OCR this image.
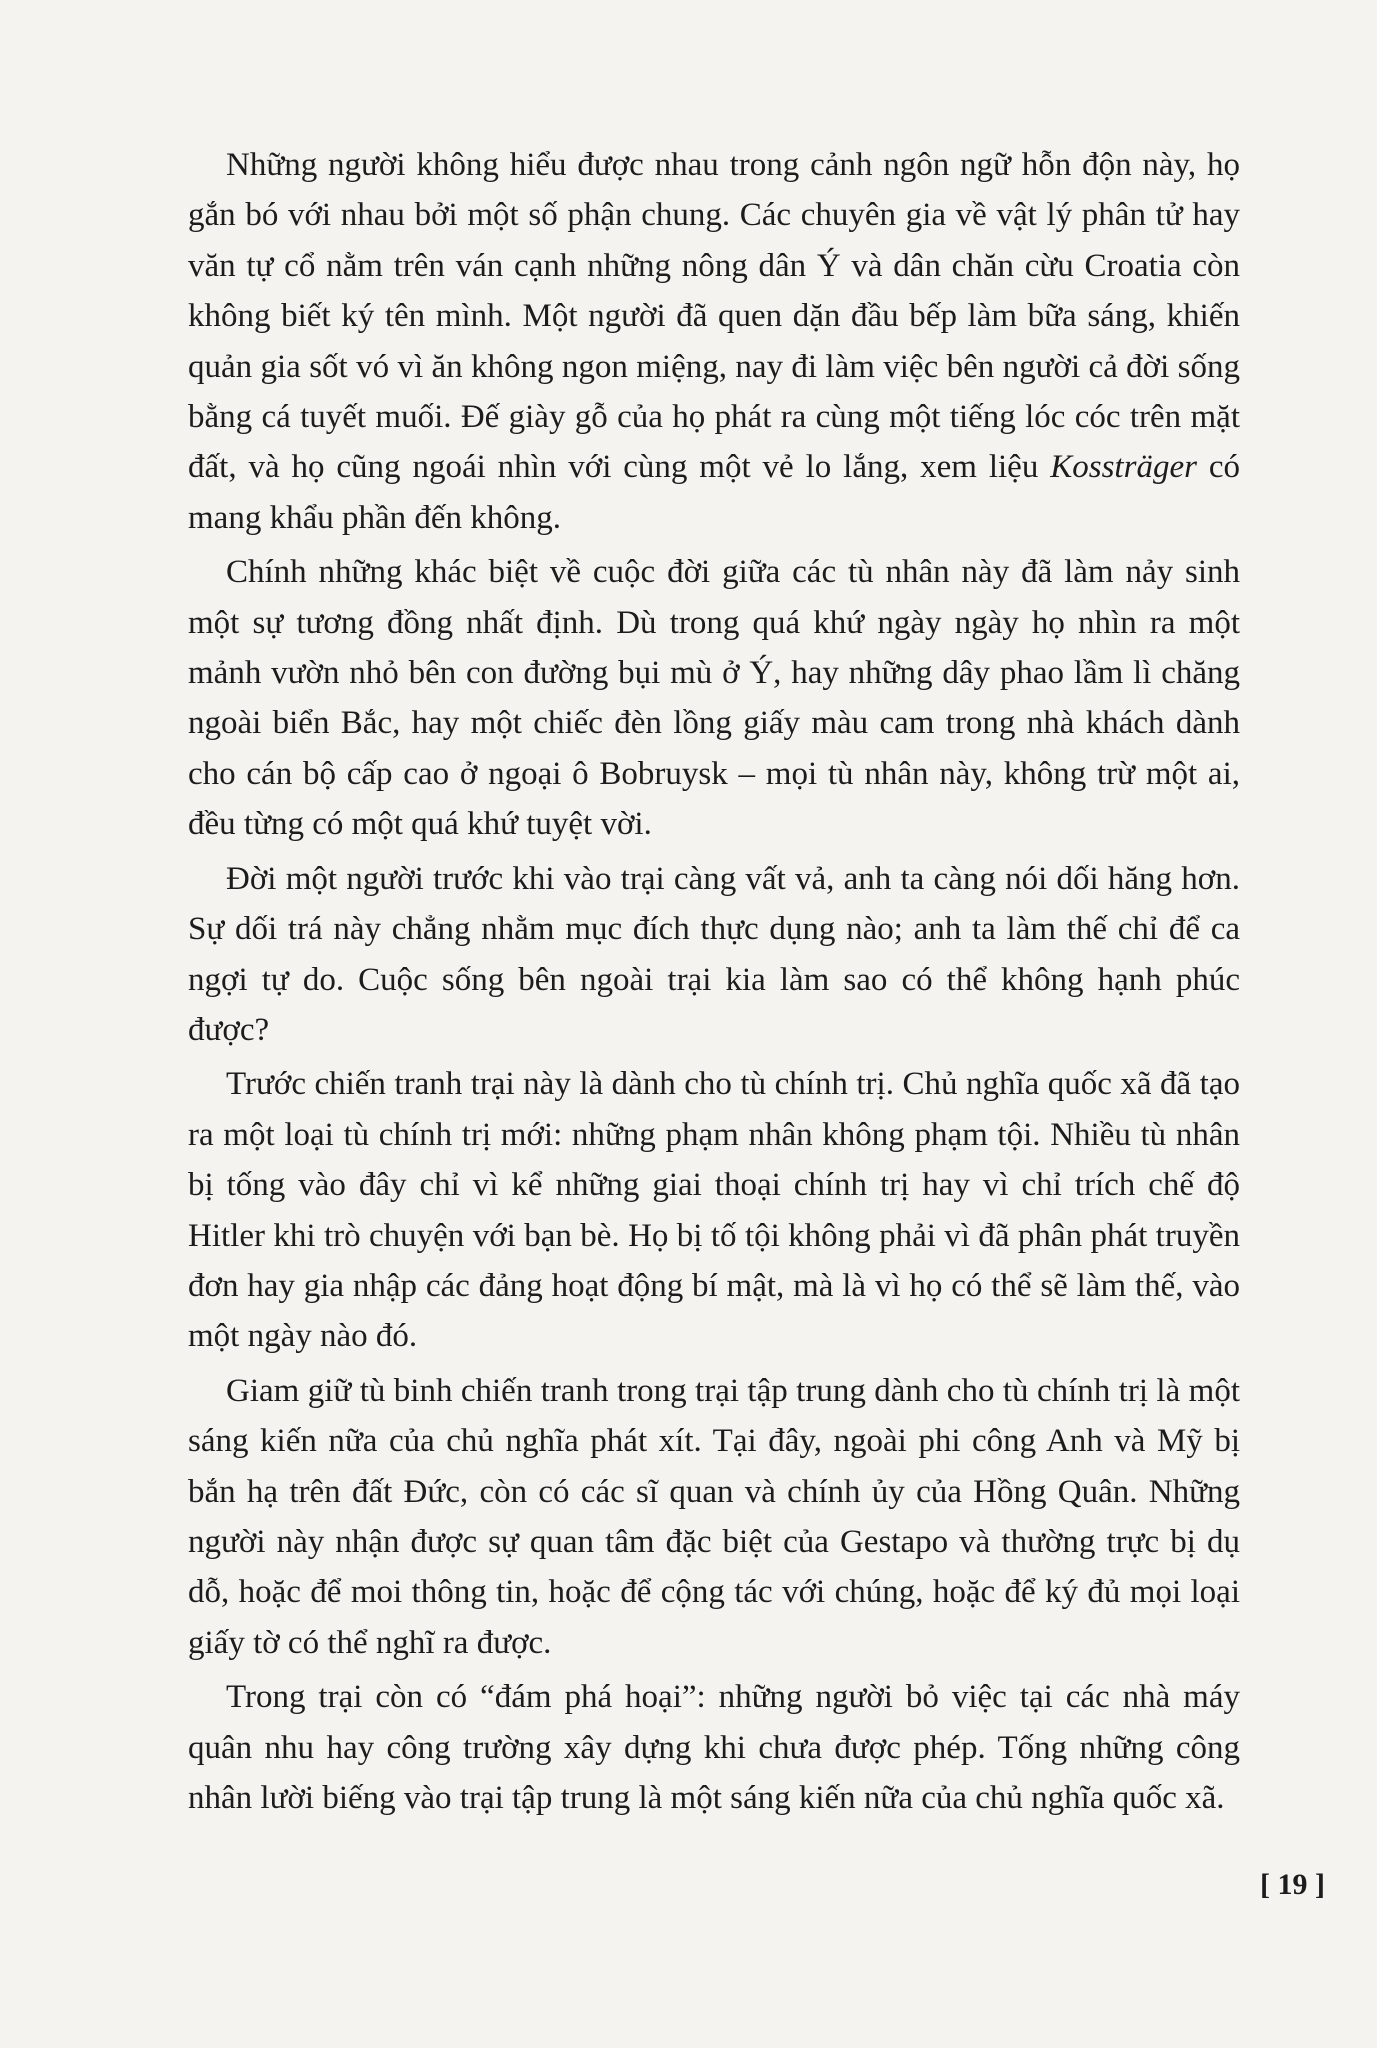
Những người không hiểu được nhau trong cảnh ngôn ngữ hỗn độn này, họ gắn bó với nhau bởi một số phận chung. Các chuyên gia về vật lý phân tử hay văn tự cổ nằm trên ván cạnh những nông dân Ý và dân chăn cừu Croatia còn không biết ký tên mình. Một người đã quen dặn đầu bếp làm bữa sáng, khiến quản gia sốt vó vì ăn không ngon miệng, nay đi làm việc bên người cả đời sống bằng cá tuyết muối. Đế giày gỗ của họ phát ra cùng một tiếng lóc cóc trên mặt đất, và họ cũng ngoái nhìn với cùng một vẻ lo lắng, xem liệu Kossträger có mang khẩu phần đến không.

Chính những khác biệt về cuộc đời giữa các tù nhân này đã làm nảy sinh một sự tương đồng nhất định. Dù trong quá khứ ngày ngày họ nhìn ra một mảnh vườn nhỏ bên con đường bụi mù ở Ý, hay những dây phao lầm lì chăng ngoài biển Bắc, hay một chiếc đèn lồng giấy màu cam trong nhà khách dành cho cán bộ cấp cao ở ngoại ô Bobruysk – mọi tù nhân này, không trừ một ai, đều từng có một quá khứ tuyệt vời.

Đời một người trước khi vào trại càng vất vả, anh ta càng nói dối hăng hơn. Sự dối trá này chẳng nhằm mục đích thực dụng nào; anh ta làm thế chỉ để ca ngợi tự do. Cuộc sống bên ngoài trại kia làm sao có thể không hạnh phúc được?

Trước chiến tranh trại này là dành cho tù chính trị. Chủ nghĩa quốc xã đã tạo ra một loại tù chính trị mới: những phạm nhân không phạm tội. Nhiều tù nhân bị tống vào đây chỉ vì kể những giai thoại chính trị hay vì chỉ trích chế độ Hitler khi trò chuyện với bạn bè. Họ bị tố tội không phải vì đã phân phát truyền đơn hay gia nhập các đảng hoạt động bí mật, mà là vì họ có thể sẽ làm thế, vào một ngày nào đó.

Giam giữ tù binh chiến tranh trong trại tập trung dành cho tù chính trị là một sáng kiến nữa của chủ nghĩa phát xít. Tại đây, ngoài phi công Anh và Mỹ bị bắn hạ trên đất Đức, còn có các sĩ quan và chính ủy của Hồng Quân. Những người này nhận được sự quan tâm đặc biệt của Gestapo và thường trực bị dụ dỗ, hoặc để moi thông tin, hoặc để cộng tác với chúng, hoặc để ký đủ mọi loại giấy tờ có thể nghĩ ra được.

Trong trại còn có “đám phá hoại”: những người bỏ việc tại các nhà máy quân nhu hay công trường xây dựng khi chưa được phép. Tống những công nhân lười biếng vào trại tập trung là một sáng kiến nữa của chủ nghĩa quốc xã.

[ 19 ]
